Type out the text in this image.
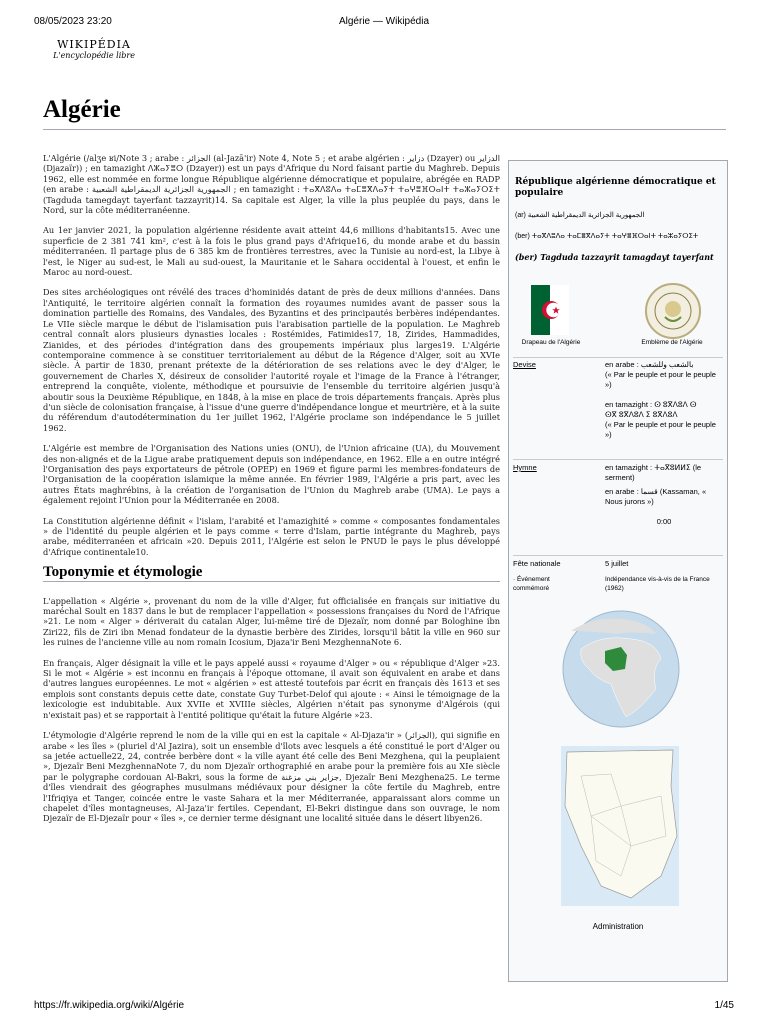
08/05/2023 23:20	Algérie — Wikipédia
WIKIPÉDIA
L'encyclopédie libre
Algérie

L'Algérie (/alʒe ʁi/Note 3 ; arabe : الجزائر (al-Jazā'ir) Note 4, Note 5 ; et arabe algérien : دزاير (Dzayer) ou الدزاير (Djazaïr)) ; en tamazight ⴷⵣⴰⵢⴻⵔ (Dzayer)) est un pays d'Afrique du Nord faisant partie du Maghreb. Depuis 1962, elle est nommée en forme longue République algérienne démocratique et populaire, abrégée en RADP (en arabe : الجمهورية الجزائرية الديمقراطية الشعبية ; en tamazight : ⵜⴰⴳⴷⵓⴷⴰ ⵜⴰⵎⴻⴳⴷⴰⵢⵜ ⵜⴰⵖⴻⴼⵔⴰⵏⵜ ⵜⴰⵣⴰⵢⵔⵉⵜ (Tagduda tamegdayt tayerfant tazzayrit)14. Sa capitale est Alger, la ville la plus peuplée du pays, dans le Nord, sur la côte méditerranéenne.

Au 1er janvier 2021, la population algérienne résidente avait atteint 44,6 millions d'habitants15. Avec une superficie de 2 381 741 km², c'est à la fois le plus grand pays d'Afrique16, du monde arabe et du bassin méditerranéen. Il partage plus de 6 385 km de frontières terrestres, avec la Tunisie au nord-est, la Libye à l'est, le Niger au sud-est, le Mali au sud-ouest, la Mauritanie et le Sahara occidental à l'ouest, et enfin le Maroc au nord-ouest.

Des sites archéologiques ont révélé des traces d'hominidés datant de près de deux millions d'années. Dans l'Antiquité, le territoire algérien connaît la formation des royaumes numides avant de passer sous la domination partielle des Romains, des Vandales, des Byzantins et des principautés berbères indépendantes. Le VIIe siècle marque le début de l'islamisation puis l'arabisation partielle de la population. Le Maghreb central connaît alors plusieurs dynasties locales : Rostémides, Fatimides17, 18, Zirides, Hammadides, Zianides, et des périodes d'intégration dans des groupements impériaux plus larges19. L'Algérie contemporaine commence à se constituer territorialement au début de la Régence d'Alger, soit au XVIe siècle. À partir de 1830, prenant prétexte de la détérioration de ses relations avec le dey d'Alger, le gouvernement de Charles X, désireux de consolider l'autorité royale et l'image de la France à l'étranger, entreprend la conquête, violente, méthodique et poursuivie de l'ensemble du territoire algérien jusqu'à aboutir sous la Deuxième République, en 1848, à la mise en place de trois départements français. Après plus d'un siècle de colonisation française, à l'issue d'une guerre d'indépendance longue et meurtrière, et à la suite du référendum d'autodétermination du 1er juillet 1962, l'Algérie proclame son indépendance le 5 juillet 1962.

L'Algérie est membre de l'Organisation des Nations unies (ONU), de l'Union africaine (UA), du Mouvement des non-alignés et de la Ligue arabe pratiquement depuis son indépendance, en 1962. Elle a en outre intégré l'Organisation des pays exportateurs de pétrole (OPEP) en 1969 et figure parmi les membres-fondateurs de l'Organisation de la coopération islamique la même année. En février 1989, l'Algérie a pris part, avec les autres États maghrébins, à la création de l'organisation de l'Union du Maghreb arabe (UMA). Le pays a également rejoint l'Union pour la Méditerranée en 2008.

La Constitution algérienne définit « l'islam, l'arabité et l'amazighité » comme « composantes fondamentales » de l'identité du peuple algérien et le pays comme « terre d'Islam, partie intégrante du Maghreb, pays arabe, méditerranéen et africain »20. Depuis 2011, l'Algérie est selon le PNUD le pays le plus développé d'Afrique continentale10.

Toponymie et étymologie

L'appellation « Algérie », provenant du nom de la ville d'Alger, fut officialisée en français sur initiative du maréchal Soult en 1837 dans le but de remplacer l'appellation « possessions françaises du Nord de l'Afrique »21. Le nom « Alger » dériverait du catalan Alger, lui-même tiré de Djezaïr, nom donné par Bologhine ibn Ziri22, fils de Ziri ibn Menad fondateur de la dynastie berbère des Zirides, lorsqu'il bâtit la ville en 960 sur les ruines de l'ancienne ville au nom romain Icosium, Djaza'ir Beni MezghennaNote 6.

En français, Alger désignait la ville et le pays appelé aussi « royaume d'Alger » ou « république d'Alger »23. Si le mot « Algérie » est inconnu en français à l'époque ottomane, il avait son équivalent en arabe et dans d'autres langues européennes. Le mot « algérien » est attesté toutefois par écrit en français dès 1613 et ses emplois sont constants depuis cette date, constate Guy Turbet-Delof qui ajoute : « Ainsi le témoignage de la lexicologie est indubitable. Aux XVIIe et XVIIIe siècles, Algérien n'était pas synonyme d'Algérois (qui n'existait pas) et se rapportait à l'entité politique qu'était la future Algérie »23.

L'étymologie d'Algérie reprend le nom de la ville qui en est la capitale « Al-Djaza'ir » (الجزائر), qui signifie en arabe « les îles » (pluriel d'Al Jazira), soit un ensemble d'îlots avec lesquels a été constitué le port d'Alger ou sa jetée actuelle22, 24, contrée berbère dont « la ville ayant été celle des Beni Mezghena, qui la peuplaient », Djezaïr Beni MezghennaNote 7, du nom Djezaïr orthographié en arabe pour la première fois au XIe siècle par le polygraphe cordouan Al-Bakri, sous la forme de جزاير بني مزغنة, Djezaïr Beni Mezghena25. Le terme d'îles viendrait des géographes musulmans médiévaux pour désigner la côte fertile du Maghreb, entre l'Ifriqiya et Tanger, coincée entre le vaste Sahara et la mer Méditerranée, apparaissant alors comme un chapelet d'îles montagneuses, Al-Jaza'ir fertiles. Cependant, El-Bekri distingue dans son ouvrage, le nom Djezaïr de El-Djezaïr pour « îles », ce dernier terme désignant une localité située dans le désert libyen26.

République algérienne démocratique et populaire
(ar) الجمهورية الجزائرية الديمقراطية الشعبية
(ber) ⵜⴰⴳⴷⵓⴷⴰ ⵜⴰⵎⴻⴳⴷⴰⵢⵜ ⵜⴰⵖⴻⴼⵔⴰⵏⵜ ⵜⴰⵣⴰⵢⵔⵉⵜ
(ber) Tagduda tazzayrit tamagdayt tayerfant
Drapeau de l'Algérie	Emblème de l'Algérie
Devise	en arabe : بالشعب وللشعب
(« Par le peuple et pour le peuple »)
en tamazight : ⵙ ⵓⴳⴷⵓⴷ ⵙ
ⵙⴳ ⵓⴳⴷⵓⴷ ⵉ ⵓⴳⴷⵓⴷ
(« Par le peuple et pour le peuple »)
Hymne	en tamazight : ⵜⴰⴳⵓⵍⵍⵉ (le serment)
en arabe : قسما (Kassaman, « Nous jurons »)
0:00
Fête nationale	5 juillet
· Événement commémoré
Indépendance vis-à-vis de la France (1962)
Administration
https://fr.wikipedia.org/wiki/Algérie	1/45
